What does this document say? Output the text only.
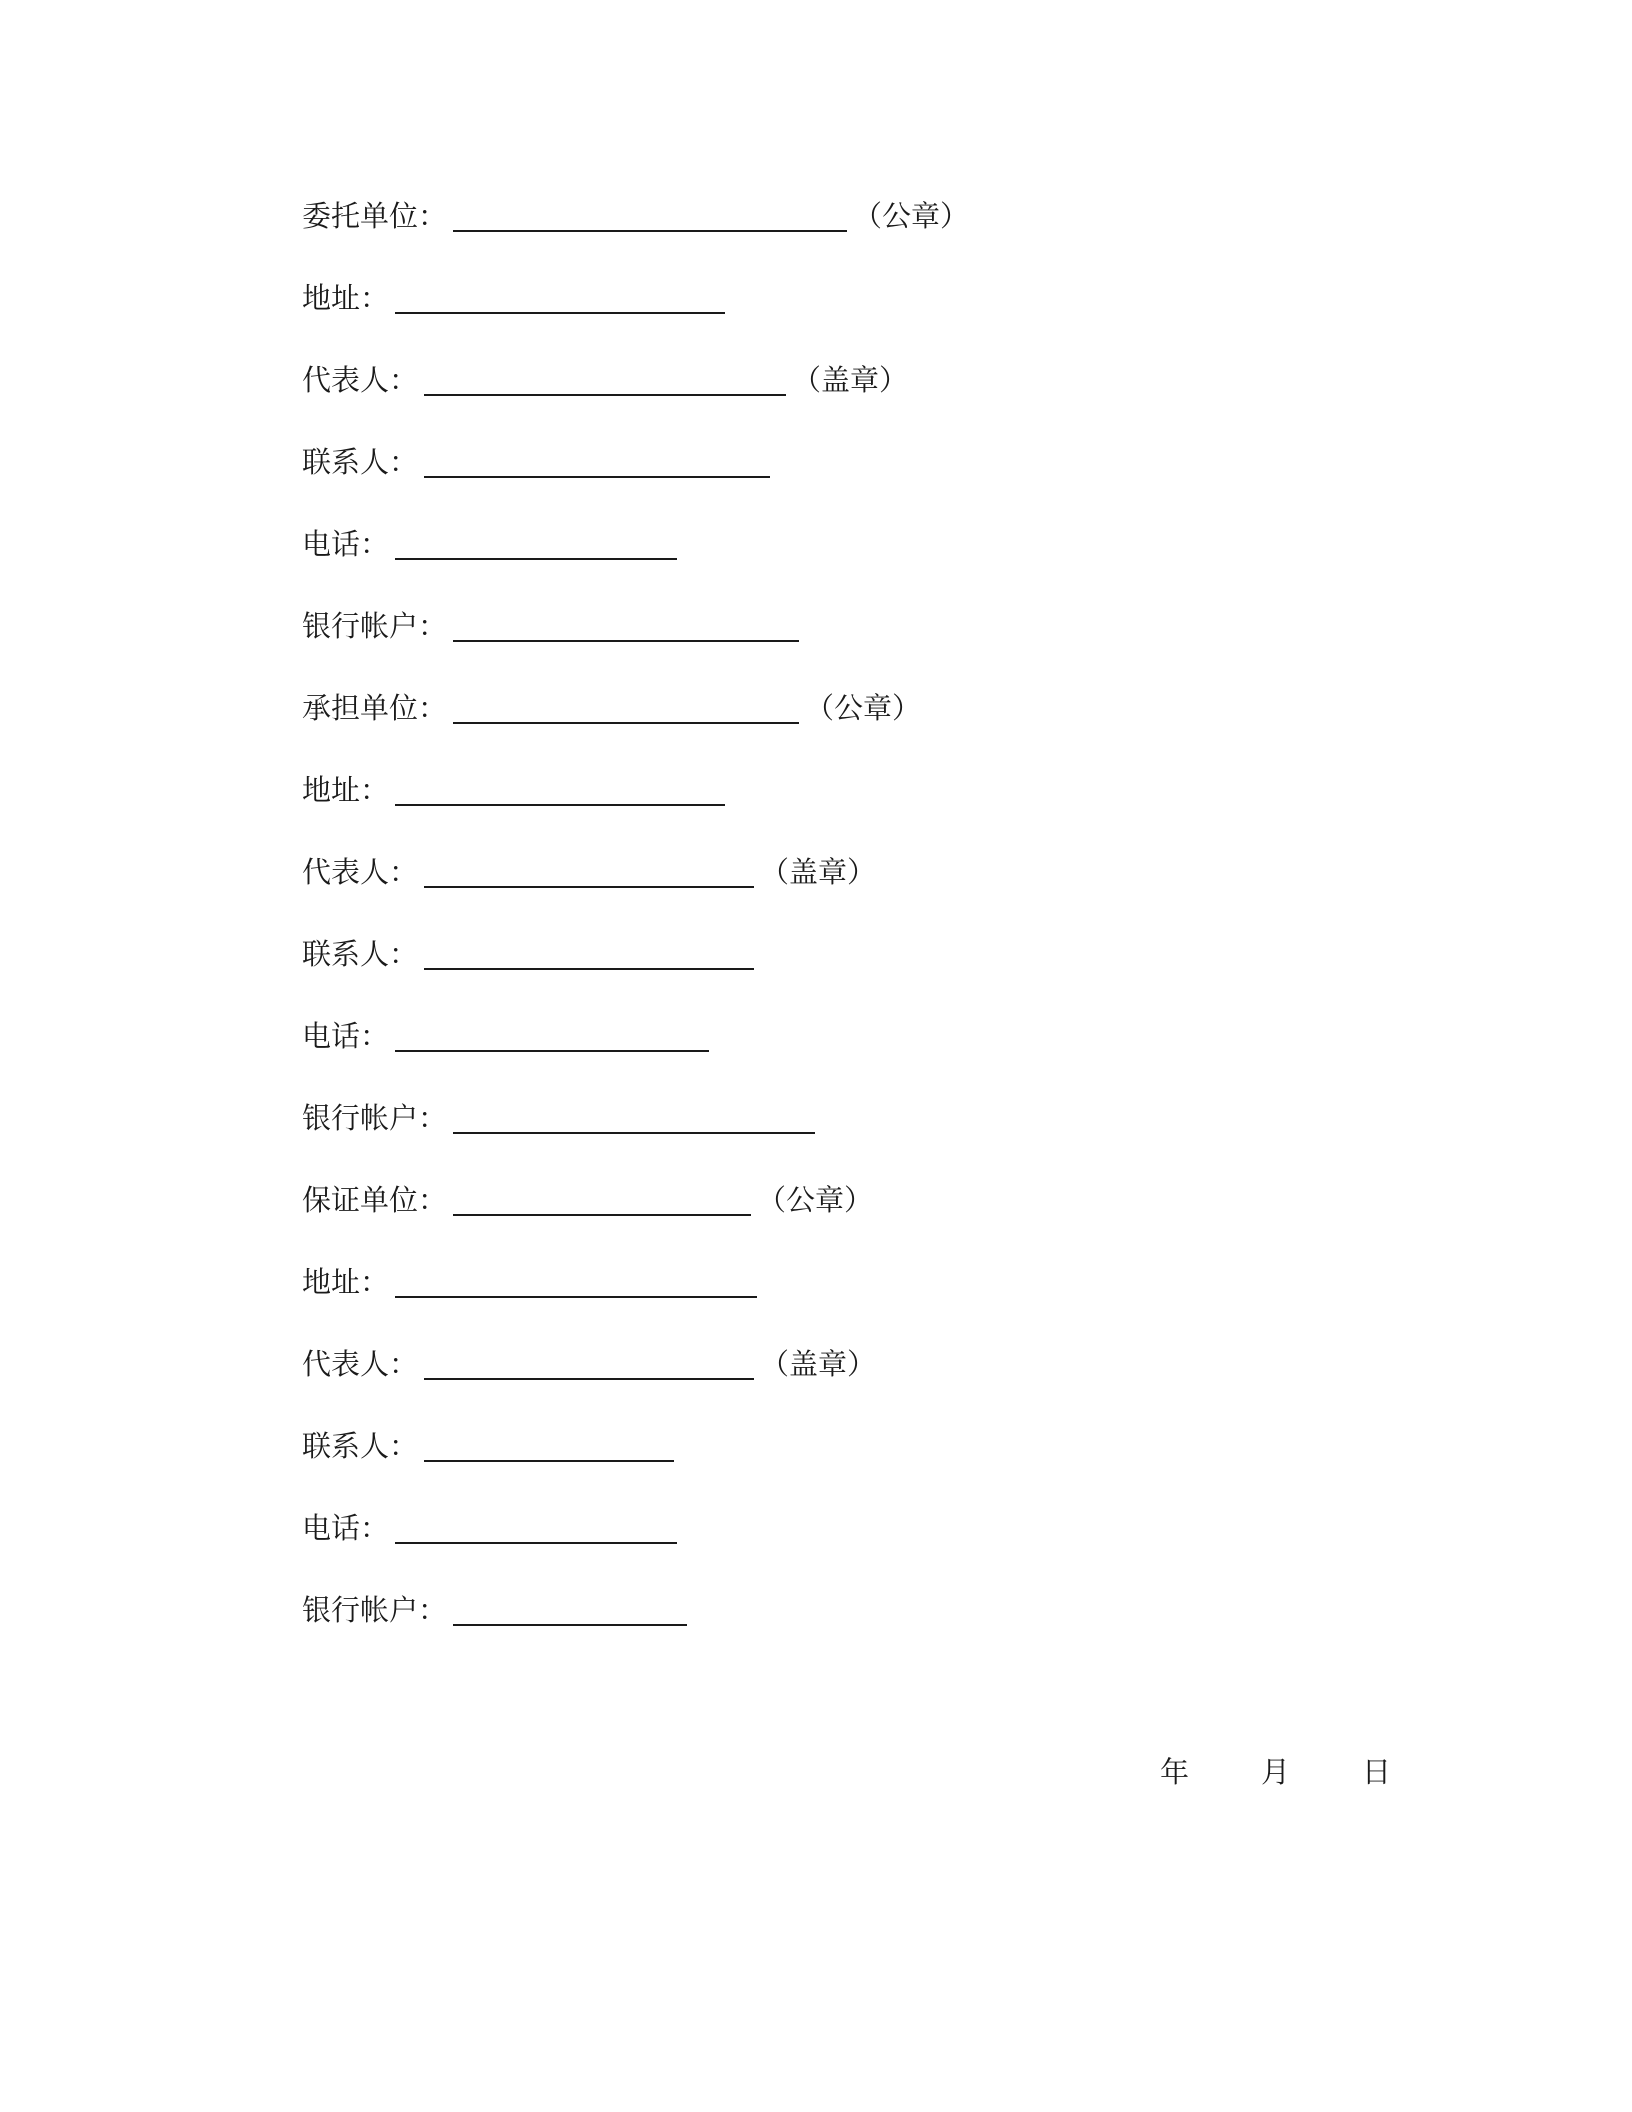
委托单位：	（公章）
地址：
代表人：	（盖章）
联系人：
电话：
银行帐户：
承担单位：	（公章）
地址：
代表人：	（盖章）
联系人：
电话：
银行帐户：
保证单位：	（公章）
地址：
代表人：	（盖章）
联系人：
电话：
银行帐户：
年 月 日
